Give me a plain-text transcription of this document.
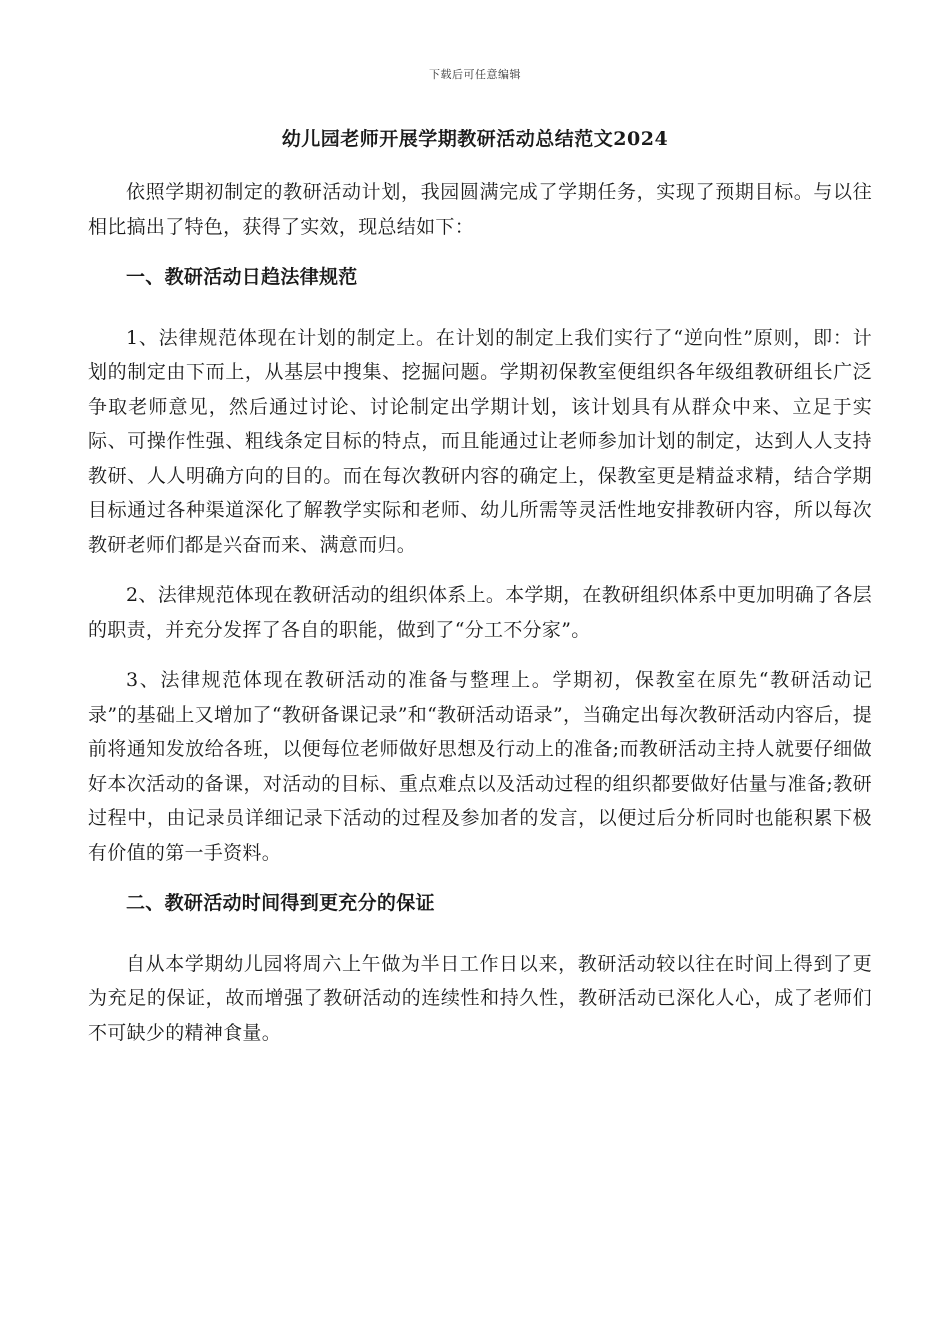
下载后可任意编辑
幼儿园老师开展学期教研活动总结范文2024

依照学期初制定的教研活动计划，我园圆满完成了学期任务，实现了预期目标。与以往相比搞出了特色，获得了实效，现总结如下：

一、教研活动日趋法律规范

1、法律规范体现在计划的制定上。在计划的制定上我们实行了“逆向性”原则，即：计划的制定由下而上，从基层中搜集、挖掘问题。学期初保教室便组织各年级组教研组长广泛争取老师意见，然后通过讨论、讨论制定出学期计划，该计划具有从群众中来、立足于实际、可操作性强、粗线条定目标的特点，而且能通过让老师参加计划的制定，达到人人支持教研、人人明确方向的目的。而在每次教研内容的确定上，保教室更是精益求精，结合学期目标通过各种渠道深化了解教学实际和老师、幼儿所需等灵活性地安排教研内容，所以每次教研老师们都是兴奋而来、满意而归。

2、法律规范体现在教研活动的组织体系上。本学期，在教研组织体系中更加明确了各层的职责，并充分发挥了各自的职能，做到了“分工不分家”。

3、法律规范体现在教研活动的准备与整理上。学期初，保教室在原先“教研活动记录”的基础上又增加了“教研备课记录”和“教研活动语录”，当确定出每次教研活动内容后，提前将通知发放给各班，以便每位老师做好思想及行动上的准备;而教研活动主持人就要仔细做好本次活动的备课，对活动的目标、重点难点以及活动过程的组织都要做好估量与准备;教研过程中，由记录员详细记录下活动的过程及参加者的发言，以便过后分析同时也能积累下极有价值的第一手资料。

二、教研活动时间得到更充分的保证

自从本学期幼儿园将周六上午做为半日工作日以来，教研活动较以往在时间上得到了更为充足的保证，故而增强了教研活动的连续性和持久性，教研活动已深化人心，成了老师们不可缺少的精神食量。
